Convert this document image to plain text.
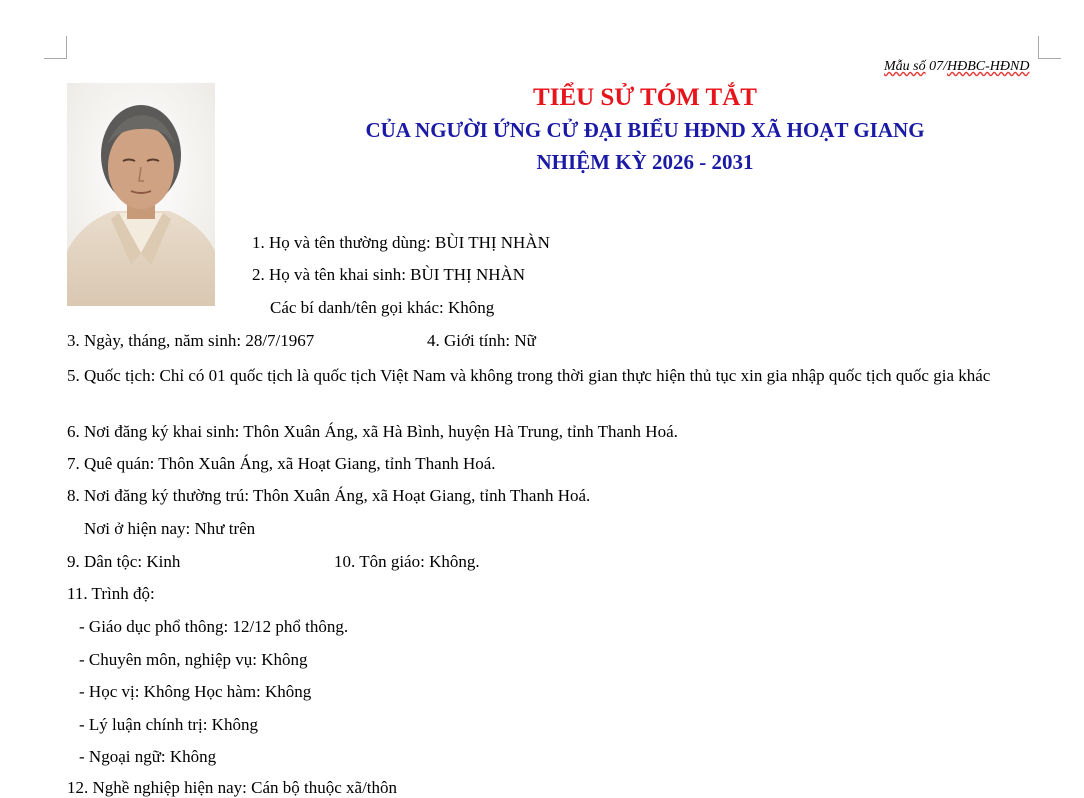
Mẫu số 07/HĐBC-HĐND
TIỂU SỬ TÓM TẮT
CỦA NGƯỜI ỨNG CỬ ĐẠI BIỂU HĐND XÃ HOẠT GIANG
NHIỆM KỲ 2026 - 2031
1. Họ và tên thường dùng: BÙI THỊ NHÀN
2. Họ và tên khai sinh: BÙI THỊ NHÀN
Các bí danh/tên gọi khác: Không
3. Ngày, tháng, năm sinh: 28/7/1967	4. Giới tính: Nữ
5. Quốc tịch: Chỉ có 01 quốc tịch là quốc tịch Việt Nam và không trong thời gian thực hiện thủ tục xin gia nhập quốc tịch quốc gia khác
6. Nơi đăng ký khai sinh: Thôn Xuân Áng, xã Hà Bình, huyện Hà Trung, tỉnh Thanh Hoá.
7. Quê quán: Thôn Xuân Áng, xã Hoạt Giang, tỉnh Thanh Hoá.
8. Nơi đăng ký thường trú: Thôn Xuân Áng, xã Hoạt Giang, tỉnh Thanh Hoá.
Nơi ở hiện nay: Như trên
9. Dân tộc: Kinh	10. Tôn giáo: Không.
11. Trình độ:
- Giáo dục phổ thông: 12/12 phổ thông.
- Chuyên môn, nghiệp vụ: Không
- Học vị: Không Học hàm: Không
- Lý luận chính trị: Không
- Ngoại ngữ: Không
12. Nghề nghiệp hiện nay: Cán bộ thuộc xã/thôn
